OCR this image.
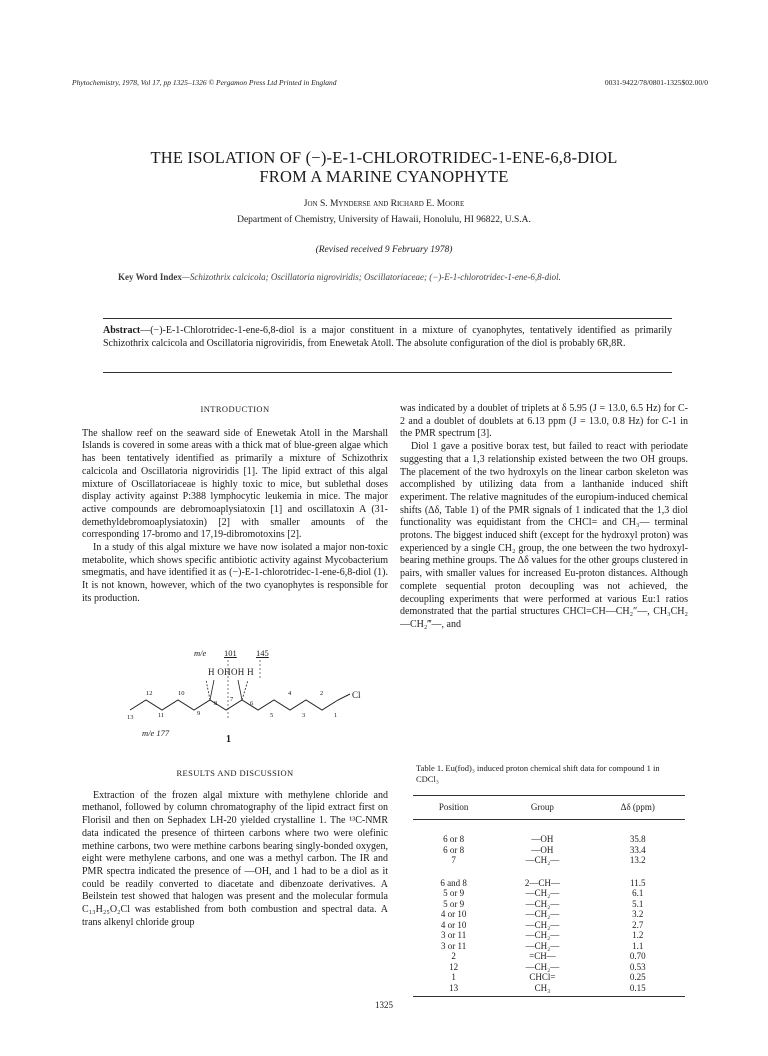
Phytochemistry, 1978, Vol 17, pp 1325–1326 © Pergamon Press Ltd Printed in England	0031-9422/78/0801-1325$02.00/0
THE ISOLATION OF (−)-E-1-CHLOROTRIDEC-1-ENE-6,8-DIOL
FROM A MARINE CYANOPHYTE
Jon S. Mynderse and Richard E. Moore
Department of Chemistry, University of Hawaii, Honolulu, HI 96822, U.S.A.
(Revised received 9 February 1978)
Key Word Index—Schizothrix calcicola; Oscillatoria nigroviridis; Oscillatoriaceae; (−)-E-1-chlorotridec-1-ene-6,8-diol.
Abstract—(−)-E-1-Chlorotridec-1-ene-6,8-diol is a major constituent in a mixture of cyanophytes, tentatively identified as primarily Schizothrix calcicola and Oscillatoria nigroviridis, from Enewetak Atoll. The absolute configuration of the diol is probably 6R,8R.
INTRODUCTION

The shallow reef on the seaward side of Enewetak Atoll in the Marshall Islands is covered in some areas with a thick mat of blue-green algae which has been tentatively identified as primarily a mixture of Schizothrix calcicola and Oscillatoria nigroviridis [1]. The lipid extract of this algal mixture of Oscillatoriaceae is highly toxic to mice, but sublethal doses display activity against P:388 lymphocytic leukemia in mice. The major active compounds are debromoaplysiatoxin [1] and oscillatoxin A (31-demethyldebromoaplysiatoxin) [2] with smaller amounts of the corresponding 17-bromo and 17,19-dibromotoxins [2].

In a study of this algal mixture we have now isolated a major non-toxic metabolite, which shows specific antibiotic activity against Mycobacterium smegmatis, and have identified it as (−)-E-1-chlorotridec-1-ene-6,8-diol (1). It is not known, however, which of the two cyanophytes is responsible for its production.

m/e 101 145
H OHOH H
Cl
12	10	4	2
13	11	9
8	6
5	3	1
7
m/e 177
1
RESULTS AND DISCUSSION

Extraction of the frozen algal mixture with methylene chloride and methanol, followed by column chromatography of the lipid extract first on Florisil and then on Sephadex LH-20 yielded crystalline 1. The ¹³C-NMR data indicated the presence of thirteen carbons where two were olefinic methine carbons, two were methine carbons bearing singly-bonded oxygen, eight were methylene carbons, and one was a methyl carbon. The IR and PMR spectra indicated the presence of —OH, and 1 had to be a diol as it could be readily converted to diacetate and dibenzoate derivatives. A Beilstein test showed that halogen was present and the molecular formula C₁₃H₂₅O₂Cl was established from both combustion and spectral data. A trans alkenyl chloride group

was indicated by a doublet of triplets at δ 5.95 (J = 13.0, 6.5 Hz) for C-2 and a doublet of doublets at 6.13 ppm (J = 13.0, 0.8 Hz) for C-1 in the PMR spectrum [3].

Diol 1 gave a positive borax test, but failed to react with periodate suggesting that a 1,3 relationship existed between the two OH groups. The placement of the two hydroxyls on the linear carbon skeleton was accomplished by utilizing data from a lanthanide induced shift experiment. The relative magnitudes of the europium-induced chemical shifts (Δδ, Table 1) of the PMR signals of 1 indicated that the 1,3 diol functionality was equidistant from the CHCl= and CH₃— terminal protons. The biggest induced shift (except for the hydroxyl proton) was experienced by a single CH₂ group, the one between the two hydroxyl-bearing methine groups. The Δδ values for the other groups clustered in pairs, with smaller values for increased Eu-proton distances. Although complete sequential proton decoupling was not achieved, the decoupling experiments that were performed at various Eu:1 ratios demonstrated that the partial structures CHCl=CH—CH₂″—, CH₃CH₂—CH₂‴—, and

Table 1. Eu(fod)₃ induced proton chemical shift data for compound 1 in CDCl₃
Position	Group	Δδ (ppm)
6 or 8	—OH	35.8
6 or 8	—OH	33.4
7	—CH₂—	13.2
6 and 8	2—CH—	11.5
5 or 9	—CH₂—	6.1
5 or 9	—CH₂—	5.1
4 or 10	—CH₂—	3.2
4 or 10	—CH₂—	2.7
3 or 11	—CH₂—	1.2
3 or 11	—CH₂—	1.1
2	=CH—	0.70
12	—CH₂—	0.53
1	CHCl=	0.25
13	CH₃	0.15
1325
